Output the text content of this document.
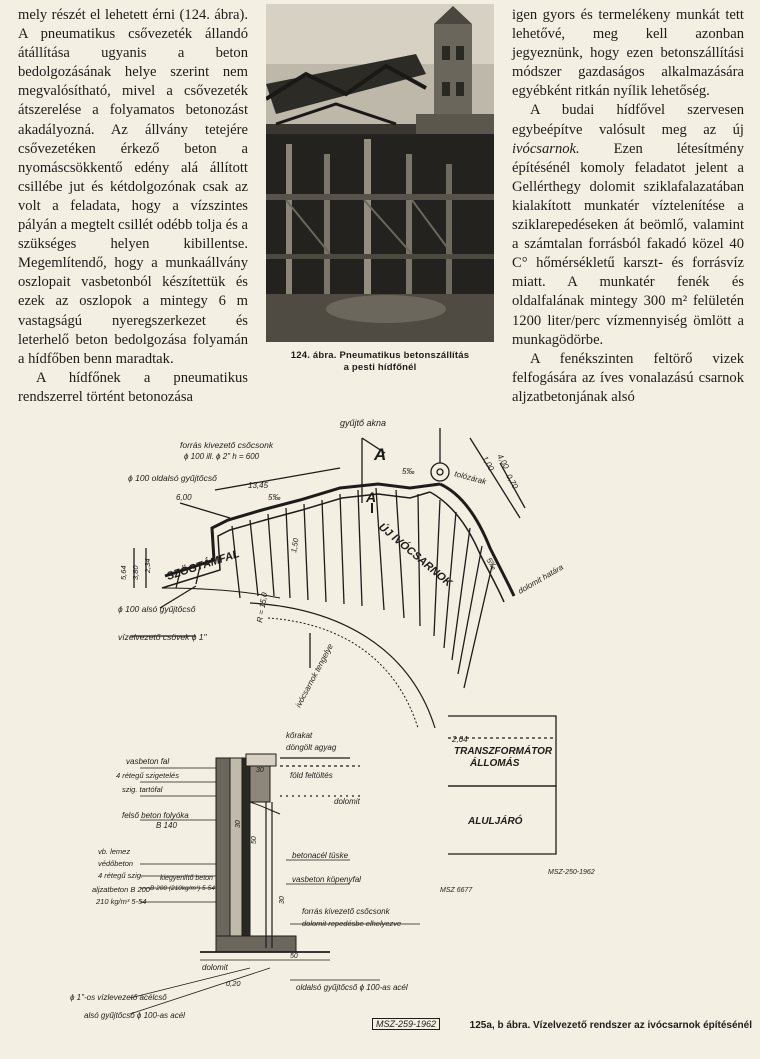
mely részét el lehetett érni (124. ábra). A pneumatikus csővezeték állandó átállítása ugyanis a beton bedolgozásának helye szerint nem megvalósítható, mivel a csővezeték átszerelése a folyamatos betonozást akadályozná. Az állvány tetejére csővezetéken érkező beton a nyomáscsökkentő edény alá állított csillébe jut és kétdolgozónak csak az volt a feladata, hogy a vízszintes pályán a megtelt csillét odébb tolja és a szükséges helyen kibillentse. Megemlítendő, hogy a munkaállvány oszlopait vasbetonból készítettük és ezek az oszlopok a mintegy 6 m vastagságú nyeregszerkezet és leterhelő beton bedolgozása folyamán a hídfőben benn maradtak.

A hídfőnek a pneumatikus rendszerrel történt betonozása

124. ábra. Pneumatikus betonszállítás
a pesti hídfőnél

igen gyors és termelékeny munkát tett lehetővé, meg kell azonban jegyeznünk, hogy ezen betonszállítási módszer gazdaságos alkalmazására egyébként ritkán nyílik lehetőség.

A budai hídfővel szervesen egybeépítve valósult meg az új ivócsarnok. Ezen létesítmény építésénél komoly feladatot jelent a Gellérthegy dolomit sziklafalazatában kialakított munkatér víztelenítése a sziklarepedéseken át beömlő, valamint a számtalan forrásból fakadó közel 40 C° hőmérsékletű karszt- és forrásvíz miatt. A munkatér fenék és oldalfalának mintegy 300 m² felületén 1200 liter/perc vízmennyiség ömlött a munkagödörbe.

A fenékszinten feltörő vizek felfogására az íves vonalazású csarnok aljzatbetonjának alsó

gyűjtő akna
forrás kivezető csőcsonk
ϕ 100 ill. ϕ 2" h = 600
13,45
ϕ 100 oldalsó gyűjtőcső
6,00
SZÖGTÁMFAL
5,64 3,80 2,34
ϕ 100 alsó gyűjtőcső
vízelvezető csövek ϕ 1"
ÚJ IVÓCSARNOK
ivócsarnok tengelye
R = 15,0
1,50
1,00 4,00
0,70
5‰
5‰
5‰	tolózárak
dolomit határa
A
A
2,64
TRANSZFORMÁTOR
ÁLLOMÁS
ALULJÁRÓ
MSZ 6677
MSZ-250-1962
kőrakat
döngölt agyag
föld feltöltés
vasbeton fal
4 rétegű szigetelés
szig. tartófal
felső beton folyóka
B 140
dolomit
vb. lemez
védőbeton
4 rétegű szig.
aljzatbeton B 200
210 kg/m³ 5-54
kiegyenlítő beton
B 200 (210kg/m³) 5-54
betonacél tüske
vasbeton köpenyfal
forrás kivezető csőcsonk
dolomit repedésbe elhelyezve
dolomit
oldalsó gyűjtőcső ϕ 100-as acél
ϕ 1"-os vízlevezető acélcső
alsó gyűjtőcső ϕ 100-as acél
0,20
30
50
50
30
30
MSZ-259-1962	125a, b ábra. Vízelvezető rendszer az ivócsarnok építésénél
